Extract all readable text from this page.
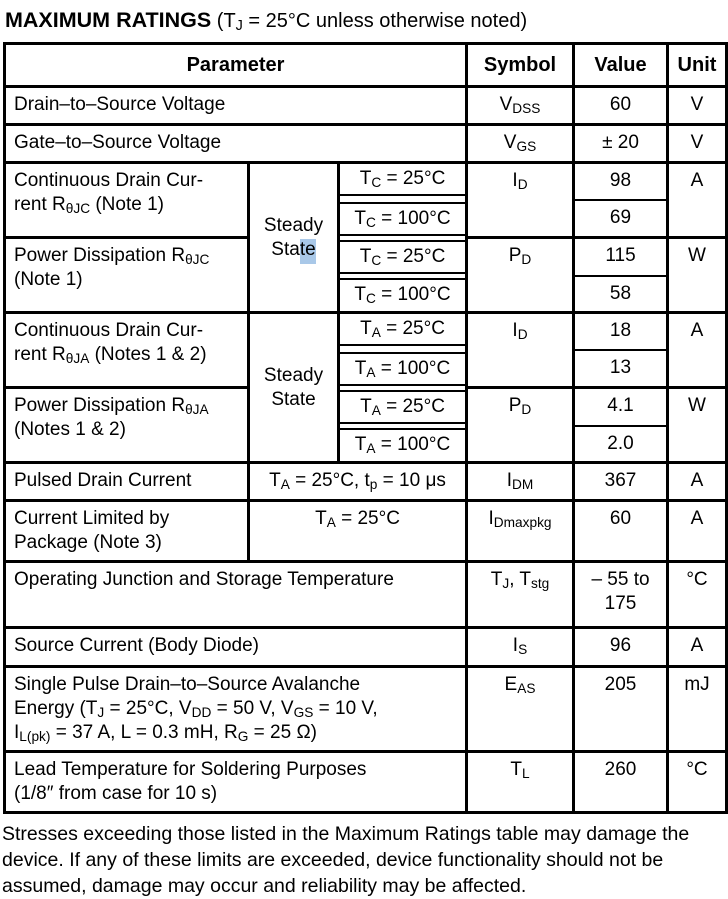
MAXIMUM RATINGS ($T_J = 25^\circ C$ unless otherwise noted)
Parameter			Symbol	Value	Unit
Drain–to–Source Voltage			$V_{DSS}$	60	V
Gate–to–Source Voltage			$V_{GS}$	± 20	V
Continuous Drain Cur-
rent $R_{\theta JC}$ (Note 1)	Steady
State	$T_C = 25^\circ C$	$I_D$	98	A

		$T_C = 100^\circ C$		69	
Power Dissipation $R_{\theta JC}$
(Note 1)		$T_C = 25^\circ C$	$P_D$	115	W

		$T_C = 100^\circ C$		58	
Continuous Drain Cur-
rent $R_{\theta JA}$ (Notes 1 & 2)	Steady
State	$T_A = 25^\circ C$	$I_D$	18	A

		$T_A = 100^\circ C$		13	
Power Dissipation $R_{\theta JA}$
(Notes 1 & 2)		$T_A = 25^\circ C$	$P_D$	4.1	W

		$T_A = 100^\circ C$		2.0	
Pulsed Drain Current	$T_A = 25^\circ C$, $t_p = 10$ μs		$I_{DM}$	367	A
Current Limited by
Package (Note 3)	$T_A = 25^\circ C$		$I_{Dmaxpkg}$	60	A
Operating Junction and Storage Temperature			$T_J$, $T_{stg}$	– 55 to
175	°C
Source Current (Body Diode)			$I_S$	96	A
Single Pulse Drain–to–Source Avalanche
Energy ($T_J = 25^\circ C$, $V_{DD} = 50$ V, $V_{GS} = 10$ V,
$I_{L(pk)} = 37$ A, L = 0.3 mH, $R_G = 25$ Ω)			$E_{AS}$	205	mJ
Lead Temperature for Soldering Purposes
(1/8″ from case for 10 s)			$T_L$	260	°C
Stresses exceeding those listed in the Maximum Ratings table may damage the
device. If any of these limits are exceeded, device functionality should not be
assumed, damage may occur and reliability may be affected.
